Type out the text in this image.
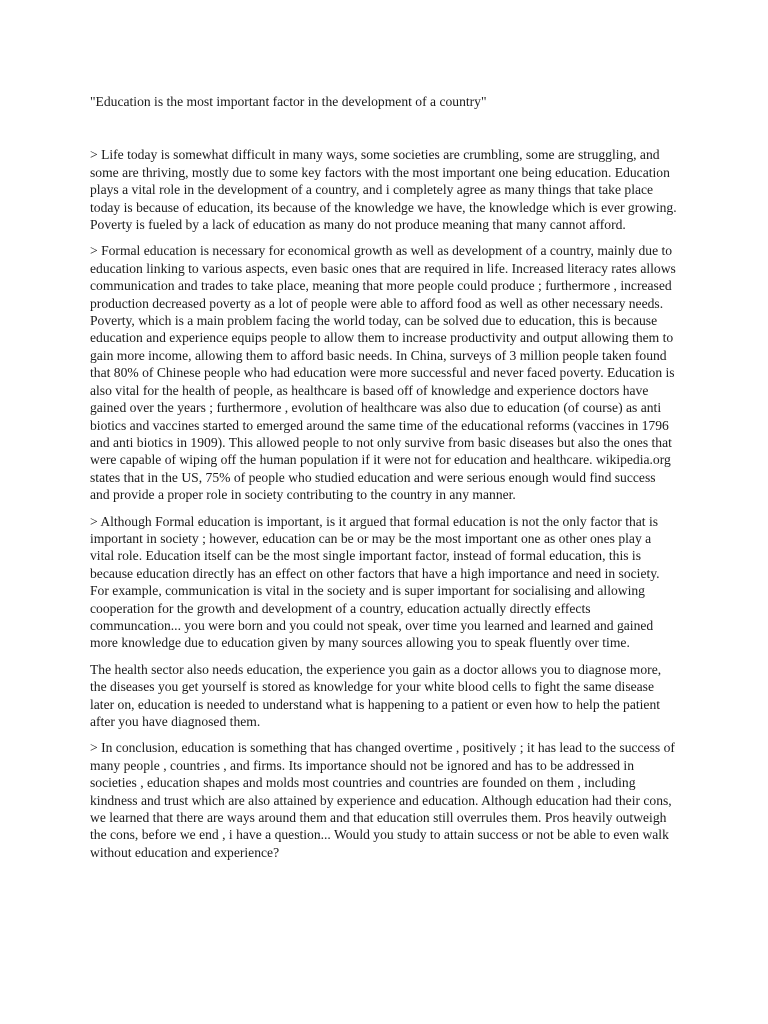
"Education is the most important factor in the development of a country"

> Life today is somewhat difficult in many ways, some societies are crumbling, some are struggling, and some are thriving, mostly due to some key factors with the most important one being education. Education plays a vital role in the development of a country, and i completely agree as many things that take place today is because of education, its because of the knowledge we have, the knowledge which is ever growing. Poverty is fueled by a lack of education as many do not produce meaning that many cannot afford.

> Formal education is necessary for economical growth as well as development of a country, mainly due to education linking to various aspects, even basic ones that are required in life. Increased literacy rates allows communication and trades to take place, meaning that more people could produce ; furthermore , increased production decreased poverty as a lot of people were able to afford food as well as other necessary needs. Poverty, which is a main problem facing the world today, can be solved due to education, this is because education and experience equips people to allow them to increase productivity and output allowing them to gain more income, allowing them to afford basic needs. In China, surveys of 3 million people taken found that 80% of Chinese people who had education were more successful and never faced poverty. Education is also vital for the health of people, as healthcare is based off of knowledge and experience doctors have gained over the years ; furthermore , evolution of healthcare was also due to education (of course) as anti biotics and vaccines started to emerged around the same time of the educational reforms (vaccines in 1796 and anti biotics in 1909). This allowed people to not only survive from basic diseases but also the ones that were capable of wiping off the human population if it were not for education and healthcare. wikipedia.org states that in the US, 75% of people who studied education and were serious enough would find success and provide a proper role in society contributing to the country in any manner.

> Although Formal education is important, is it argued that formal education is not the only factor that is important in society ; however, education can be or may be the most important one as other ones play a vital role. Education itself can be the most single important factor, instead of formal education, this is because education directly has an effect on other factors that have a high importance and need in society. For example, communication is vital in the society and is super important for socialising and allowing cooperation for the growth and development of a country, education actually directly effects communcation... you were born and you could not speak, over time you learned and learned and gained more knowledge due to education given by many sources allowing you to speak fluently over time.

The health sector also needs education, the experience you gain as a doctor allows you to diagnose more, the diseases you get yourself is stored as knowledge for your white blood cells to fight the same disease later on, education is needed to understand what is happening to a patient or even how to help the patient after you have diagnosed them.

> In conclusion, education is something that has changed overtime , positively ; it has lead to the success of many people , countries , and firms. Its importance should not be ignored and has to be addressed in societies , education shapes and molds most countries and countries are founded on them , including kindness and trust which are also attained by experience and education. Although education had their cons, we learned that there are ways around them and that education still overrules them. Pros heavily outweigh the cons, before we end , i have a question... Would you study to attain success or not be able to even walk without education and experience?
